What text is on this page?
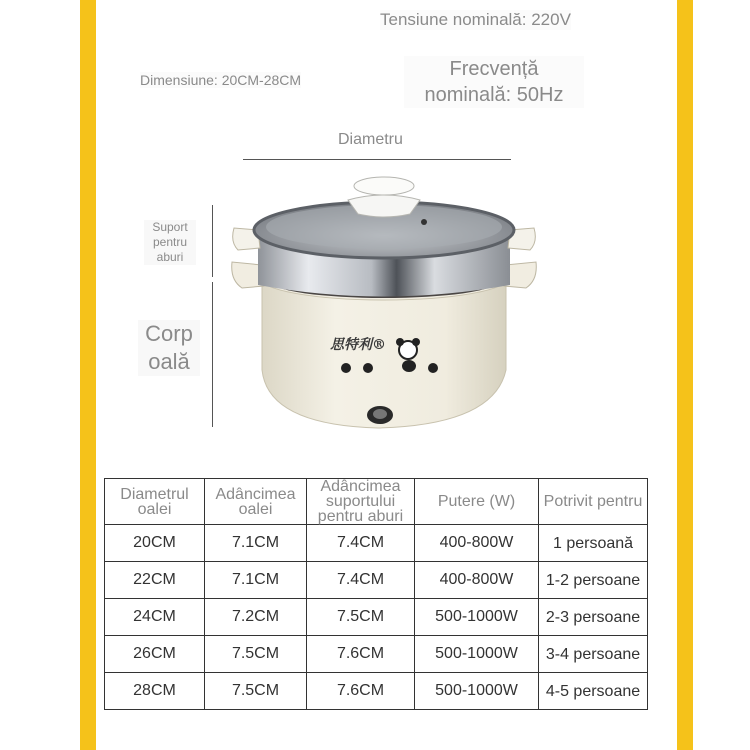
Tensiune nominală: 220V
Dimensiune: 20CM-28CM	Frecvență nominală: 50Hz
Diametru
Suport pentru aburi
Corp oală
思特利®
Diametrul oalei	Adâncimea oalei	Adâncimea suportului pentru aburi	Putere (W)	Potrivit pentru
20CM	7.1CM	7.4CM	400-800W	1 persoană
22CM	7.1CM	7.4CM	400-800W	1-2 persoane
24CM	7.2CM	7.5CM	500-1000W	2-3 persoane
26CM	7.5CM	7.6CM	500-1000W	3-4 persoane
28CM	7.5CM	7.6CM	500-1000W	4-5 persoane
